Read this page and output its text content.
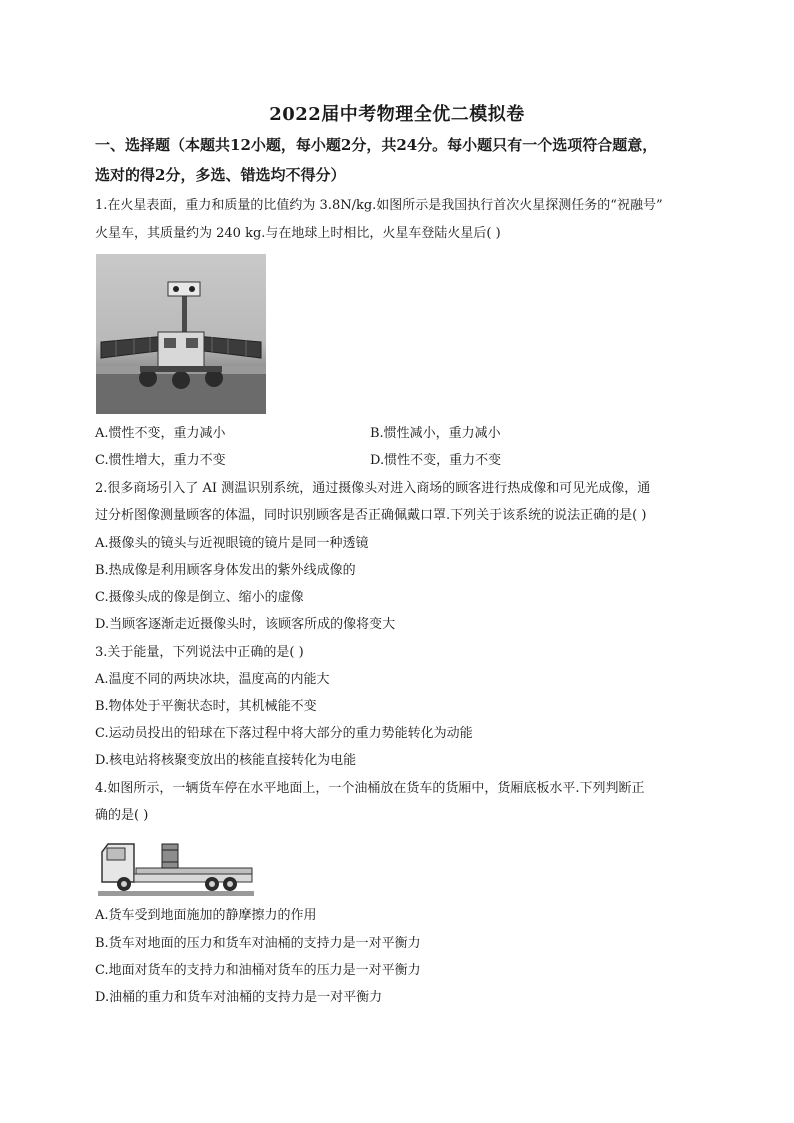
2022届中考物理全优二模拟卷
一、选择题（本题共12小题，每小题2分，共24分。每小题只有一个选项符合题意，
选对的得2分，多选、错选均不得分）
1.在火星表面，重力和质量的比值约为 3.8N/kg.如图所示是我国执行首次火星探测任务的“祝融号”
火星车，其质量约为 240 kg.与在地球上时相比，火星车登陆火星后( )
A.惯性不变，重力减小	B.惯性减小，重力减小
C.惯性增大，重力不变	D.惯性不变，重力不变
2.很多商场引入了 AI 测温识别系统，通过摄像头对进入商场的顾客进行热成像和可见光成像，通
过分析图像测量顾客的体温，同时识别顾客是否正确佩戴口罩.下列关于该系统的说法正确的是( )
A.摄像头的镜头与近视眼镜的镜片是同一种透镜
B.热成像是利用顾客身体发出的紫外线成像的
C.摄像头成的像是倒立、缩小的虚像
D.当顾客逐渐走近摄像头时，该顾客所成的像将变大
3.关于能量，下列说法中正确的是( )
A.温度不同的两块冰块，温度高的内能大
B.物体处于平衡状态时，其机械能不变
C.运动员投出的铅球在下落过程中将大部分的重力势能转化为动能
D.核电站将核聚变放出的核能直接转化为电能
4.如图所示，一辆货车停在水平地面上，一个油桶放在货车的货厢中，货厢底板水平.下列判断正
确的是( )
A.货车受到地面施加的静摩擦力的作用
B.货车对地面的压力和货车对油桶的支持力是一对平衡力
C.地面对货车的支持力和油桶对货车的压力是一对平衡力
D.油桶的重力和货车对油桶的支持力是一对平衡力
